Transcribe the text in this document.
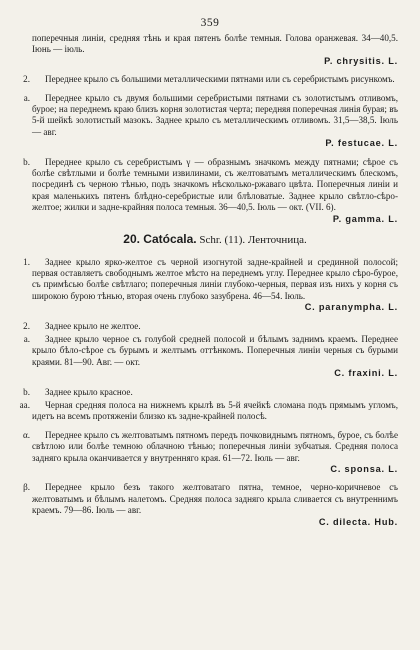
359
поперечныя линіи, средняя тѣнь и края пятенъ болѣе темныя. Голова оранжевая. 34—40,5. Іюнь — іюль.
P. chrysitis. L.
2.	Переднее крыло съ большими металлическими пятнами или съ серебристымъ рисункомъ.
a.	Переднее крыло съ двумя большими серебристыми пятнами съ золотистымъ отливомъ, бурое; на переднемъ краю близъ корня золотистая черта; передняя поперечная линія бурая; въ 5-й шейкѣ золотистый мазокъ. Заднее крыло съ металлическимъ отливомъ. 31,5—38,5. Іюль — авг.
P. festucae. L.
b.	Переднее крыло съ серебристымъ γ — образнымъ значкомъ между пятнами; сѣрое съ болѣе свѣтлыми и болѣе темными извилинами, съ желтоватымъ металлическимъ блескомъ, посрединѣ съ черною тѣнью, подъ значкомъ нѣсколько-ржаваго цвѣта. Поперечныя линіи и края маленькихъ пятенъ блѣдно-серебристые или блѣловатые. Заднее крыло свѣтло-сѣро-желтое; жилки и задне-крайняя полоса темныя. 36—40,5. Іюль — окт. (VII. 6).
P. gamma. L.
20. Catócala. Schr. (11). Ленточница.
1.	Заднее крыло ярко-желтое съ черной изогнутой задне-крайней и срединной полосой; первая оставляетъ свободнымъ желтое мѣсто на переднемъ углу. Переднее крыло сѣро-бурое, съ примѣсью болѣе свѣтлаго; поперечныя линіи глубоко-черныя, первая изъ нихъ у корня съ широкою бурою тѣнью, вторая очень глубоко зазубрена. 46—54. Іюль.
C. paranympha. L.
2.	Заднее крыло не желтое.
a.	Заднее крыло черное съ голубой средней полосой и бѣлымъ заднимъ краемъ. Переднее крыло бѣло-сѣрое съ бурымъ и желтымъ оттѣнкомъ. Поперечныя линіи черныя съ бурыми краями. 81—90. Авг. — окт.
C. fraxini. L.
b.	Заднее крыло красное.
aa.	Черная средняя полоса на нижнемъ крылѣ въ 5-й ячейкѣ сломана подъ прямымъ угломъ, идетъ на всемъ протяженіи близко къ задне-крайней полосѣ.
α.	Переднее крыло съ желтоватымъ пятномъ передъ почковиднымъ пятномъ, бурое, съ болѣе свѣтлою или болѣе темною облачною тѣнью; поперечныя линіи зубчатыя. Средняя полоса задняго крыла оканчивается у внутренняго края. 61—72. Іюль — авг.
C. sponsa. L.
β.	Переднее крыло безъ такого желтоватаго пятна, темное, черно-коричневое съ желтоватымъ и бѣлымъ налетомъ. Средняя полоса задняго крыла сливается съ внутреннимъ краемъ. 79—86. Іюль — авг.
C. dilecta. Hub.
